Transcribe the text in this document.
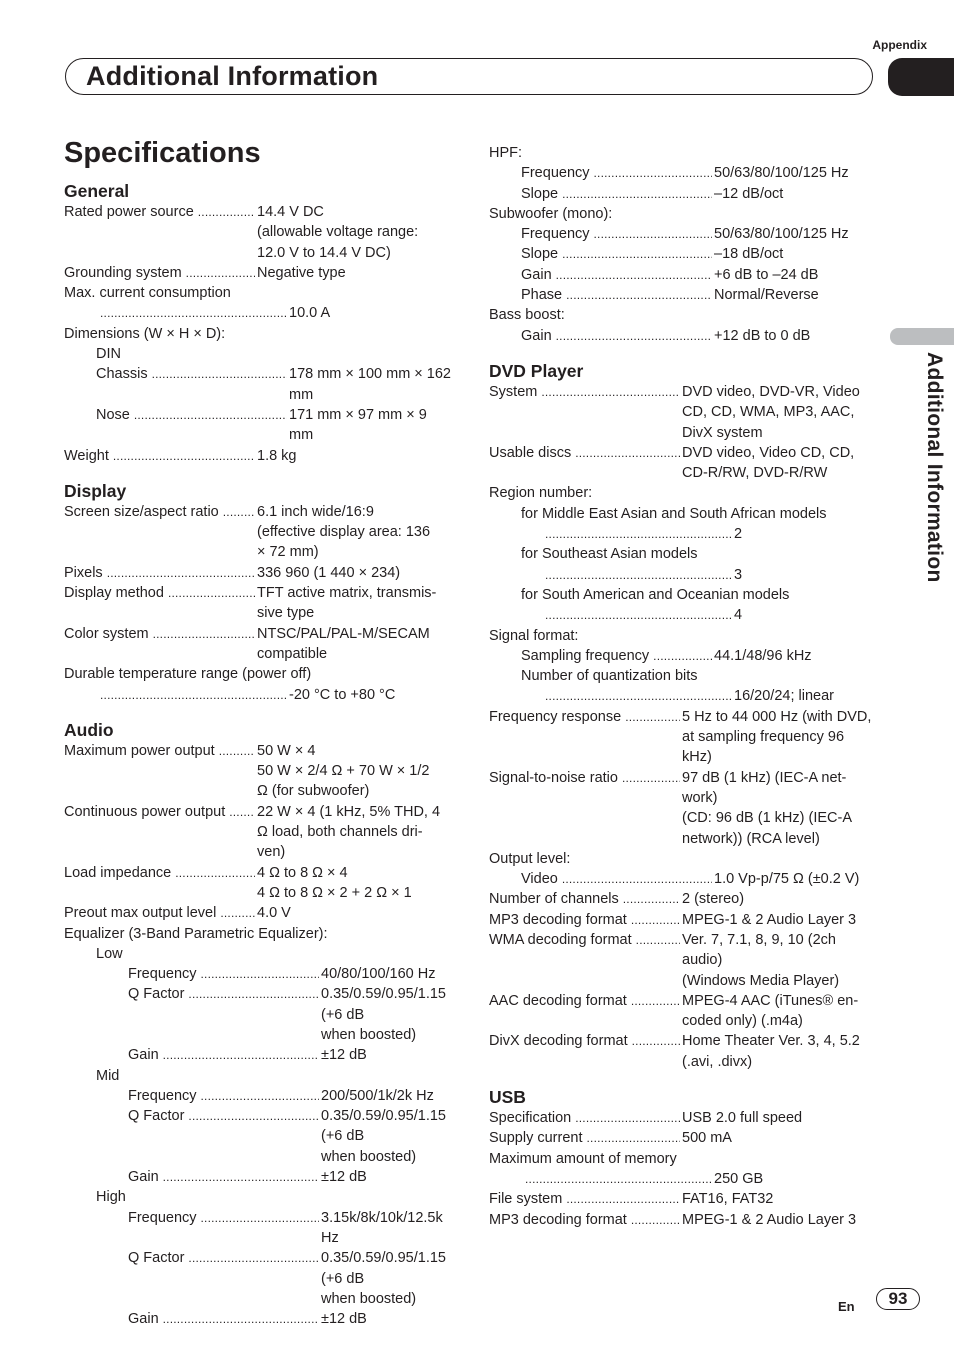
Appendix
Additional Information
Additional Information
Specifications
General
Rated power source .....	14.4 V DC
(allowable voltage range:
12.0 V to 14.4 V DC)
Grounding system .....	Negative type
Max. current consumption
.....
10.0 A
Dimensions (W × H × D):
DIN
Chassis .....	178 mm × 100 mm × 162
mm
Nose .....	171 mm × 97 mm × 9 mm
Weight .....	1.8 kg
Display
Screen size/aspect ratio .....	6.1 inch wide/16:9
(effective display area: 136
× 72 mm)
Pixels .....	336 960 (1 440 × 234)
Display method .....	TFT active matrix, transmis-
sive type
Color system .....	NTSC/PAL/PAL-M/SECAM
compatible
Durable temperature range (power off)
.....
-20 °C to +80 °C
Audio
Maximum power output .....	50 W × 4
50 W × 2/4 Ω + 70 W × 1/2
Ω (for subwoofer)
Continuous power output ..... 22 W × 4 (1 kHz, 5% THD, 4
Ω load, both channels dri-
ven)
Load impedance .....	4 Ω to 8 Ω × 4
4 Ω to 8 Ω × 2 + 2 Ω × 1
Preout max output level .....	4.0 V
Equalizer (3-Band Parametric Equalizer):
Low
Frequency .....	40/80/100/160 Hz
Q Factor .....	0.35/0.59/0.95/1.15 (+6 dB
when boosted)
Gain .....	±12 dB
Mid
Frequency .....	200/500/1k/2k Hz
Q Factor .....	0.35/0.59/0.95/1.15 (+6 dB
when boosted)
Gain .....	±12 dB
High
Frequency .....	3.15k/8k/10k/12.5k Hz
Q Factor .....	0.35/0.59/0.95/1.15 (+6 dB
when boosted)
Gain .....	±12 dB
HPF:
Frequency .....	50/63/80/100/125 Hz
Slope .....	–12 dB/oct
Subwoofer (mono):
Frequency .....	50/63/80/100/125 Hz
Slope .....	–18 dB/oct
Gain .....	+6 dB to –24 dB
Phase .....	Normal/Reverse
Bass boost:
Gain .....	+12 dB to 0 dB
DVD Player
System .....	DVD video, DVD-VR, Video
CD, CD, WMA, MP3, AAC,
DivX system
Usable discs .....	DVD video, Video CD, CD,
CD-R/RW, DVD-R/RW
Region number:
for Middle East Asian and South African models
.....
2
for Southeast Asian models
.....
3
for South American and Oceanian models
.....
4
Signal format:
Sampling frequency .....	44.1/48/96 kHz
Number of quantization bits
.....
16/20/24; linear
Frequency response .....	5 Hz to 44 000 Hz (with DVD,
at sampling frequency 96
kHz)
Signal-to-noise ratio .....	97 dB (1 kHz) (IEC-A net-
work)
(CD: 96 dB (1 kHz) (IEC-A
network)) (RCA level)
Output level:
Video .....	1.0 Vp-p/75 Ω (±0.2 V)
Number of channels .....	2 (stereo)
MP3 decoding format .....	MPEG-1 & 2 Audio Layer 3
WMA decoding format .....	Ver. 7, 7.1, 8, 9, 10 (2ch
audio)
(Windows Media Player)
AAC decoding format .....	MPEG-4 AAC (iTunes® en-
coded only) (.m4a)
DivX decoding format .....	Home Theater Ver. 3, 4, 5.2
(.avi, .divx)
USB
Specification .....	USB 2.0 full speed
Supply current .....	500 mA
Maximum amount of memory
.....
250 GB
File system .....	FAT16, FAT32
MP3 decoding format .....	MPEG-1 & 2 Audio Layer 3
En	93
